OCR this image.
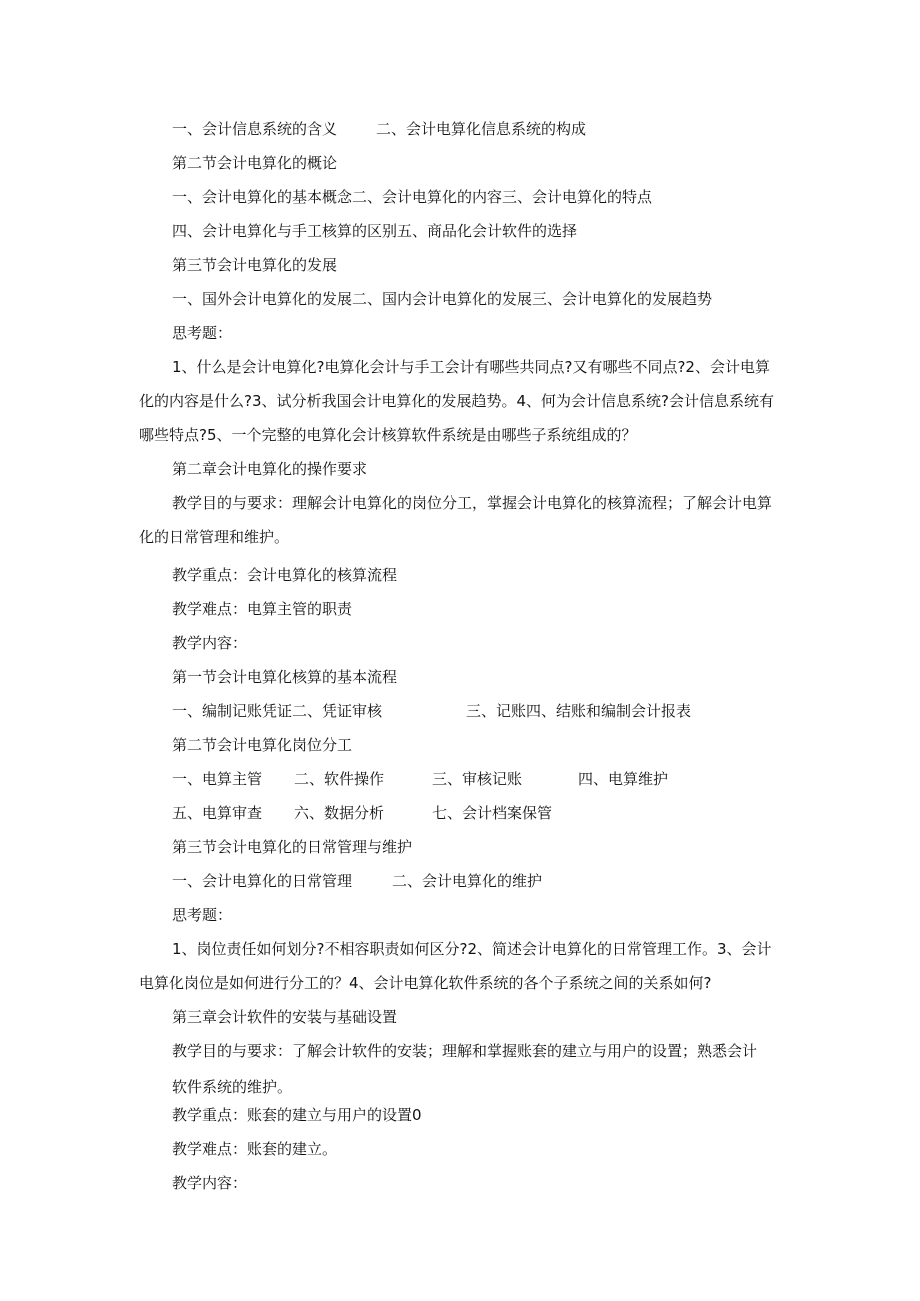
一、会计信息系统的含义	二、会计电算化信息系统的构成

第二节会计电算化的概论

一、会计电算化的基本概念二、会计电算化的内容三、会计电算化的特点

四、会计电算化与手工核算的区别五、商品化会计软件的选择

第三节会计电算化的发展

一、国外会计电算化的发展二、国内会计电算化的发展三、会计电算化的发展趋势

思考题：

1、什么是会计电算化?电算化会计与手工会计有哪些共同点?又有哪些不同点?2、会计电算

化的内容是什么?3、试分析我国会计电算化的发展趋势。4、何为会计信息系统?会计信息系统有

哪些特点?5、一个完整的电算化会计核算软件系统是由哪些子系统组成的？

第二章会计电算化的操作要求

教学目的与要求：理解会计电算化的岗位分工，掌握会计电算化的核算流程；了解会计电算

化的日常管理和维护。

教学重点：会计电算化的核算流程

教学难点：电算主管的职责

教学内容：

第一节会计电算化核算的基本流程

一、编制记账凭证二、凭证审核	三、记账四、结账和编制会计报表

第二节会计电算化岗位分工

一、电算主管 二、软件操作	三、审核记账	四、电算维护
五、电算审查 六、数据分析	七、会计档案保管

第三节会计电算化的日常管理与维护

一、会计电算化的日常管理	二、会计电算化的维护

思考题：

1、岗位责任如何划分?不相容职责如何区分?2、简述会计电算化的日常管理工作。3、会计

电算化岗位是如何进行分工的？4、会计电算化软件系统的各个子系统之间的关系如何?

第三章会计软件的安装与基础设置

教学目的与要求：了解会计软件的安装；理解和掌握账套的建立与用户的设置；熟悉会计

软件系统的维护。

教学重点：账套的建立与用户的设置0

教学难点：账套的建立。

教学内容：
